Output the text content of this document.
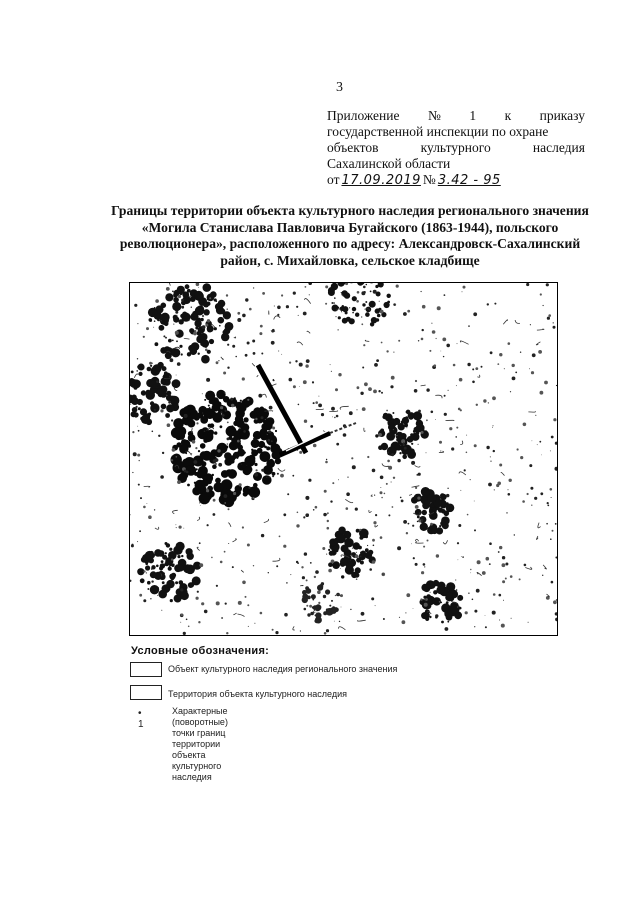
3
Приложение № 1 к приказу
государственной инспекции по охране
объектов	культурного	наследия
Сахалинской области
от 17.09.2019 № 3.42 - 95
Границы территории объекта культурного наследия регионального значения «Могила Станислава Павловича Бугайского (1863-1944), польского революционера», расположенного по адресу: Александровск-Сахалинский район, с. Михайловка, сельское кладбище
Условные обозначения:
Объект культурного наследия регионального значения
Территория объекта культурного наследия
• 1
Характерные (поворотные) точки границ
территории объекта культурного наследия
